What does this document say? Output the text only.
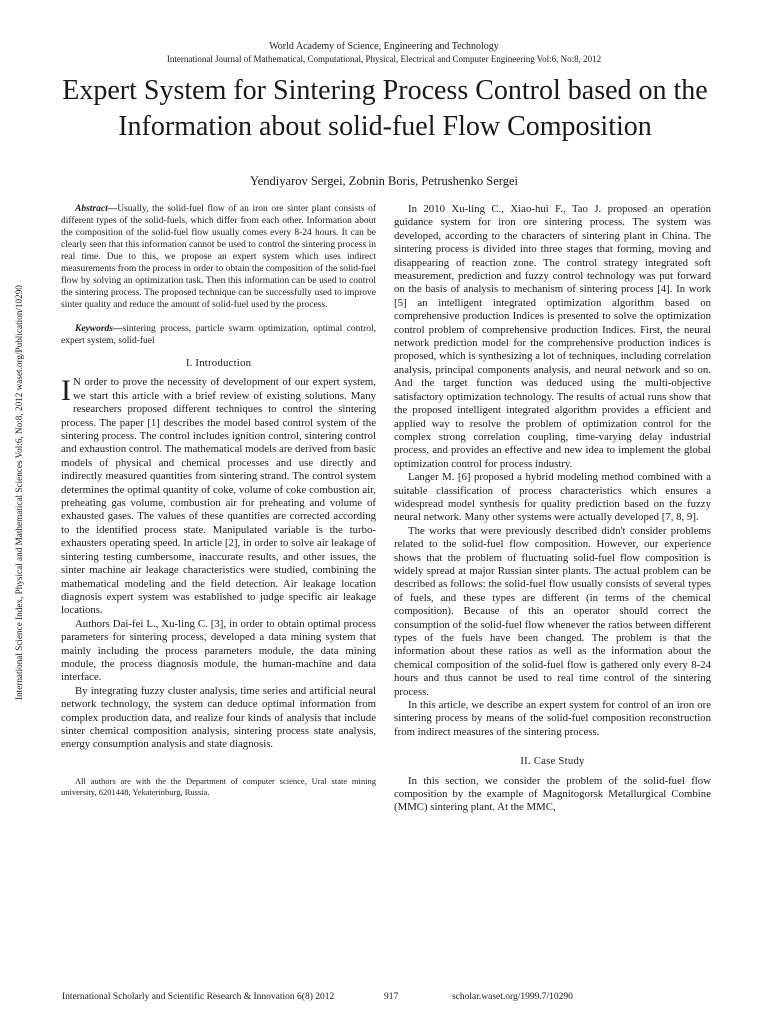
World Academy of Science, Engineering and Technology
International Journal of Mathematical, Computational, Physical, Electrical and Computer Engineering Vol:6, No:8, 2012
Expert System for Sintering Process Control based on the Information about solid-fuel Flow Composition
Yendiyarov Sergei, Zobnin Boris, Petrushenko Sergei
International Science Index, Physical and Mathematical Sciences Vol:6, No:8, 2012 waset.org/Publication/10290

Abstract—Usually, the solid-fuel flow of an iron ore sinter plant consists of different types of the solid-fuels, which differ from each other. Information about the composition of the solid-fuel flow usually comes every 8-24 hours. It can be clearly seen that this information cannot be used to control the sintering process in real time. Due to this, we propose an expert system which uses indirect measurements from the process in order to obtain the composition of the solid-fuel flow by solving an optimization task. Then this information can be used to control the sintering process. The proposed technique can be successfully used to improve sinter quality and reduce the amount of solid-fuel used by the process.

Keywords—sintering process, particle swarm optimization, optimal control, expert system, solid-fuel

I. Introduction

I N order to prove the necessity of development of our expert system, we start this article with a brief review of existing solutions. Many researchers proposed different techniques to control the sintering process. The paper [1] describes the model based control system of the sintering process. The control includes ignition control, sintering control and exhaustion control. The mathematical models are derived from basic models of physical and chemical processes and use directly and indirectly measured quantities from sintering strand. The control system determines the optimal quantity of coke, volume of coke combustion air, preheating gas volume, combustion air for preheating and volume of exhausted gases. The values of these quantities are corrected according to the identified process state. Manipulated variable is the turbo-exhausters operating speed. In article [2], in order to solve air leakage of sintering testing cumbersome, inaccurate results, and other issues, the sinter machine air leakage characteristics were studied, combining the mathematical modeling and the field detection. Air leakage location diagnosis expert system was established to judge specific air leakage locations.

Authors Dai-fei L., Xu-ling C. [3], in order to obtain optimal process parameters for sintering process, developed a data mining system that mainly including the process parameters module, the data mining module, the process diagnosis module, the human-machine and data interface.

By integrating fuzzy cluster analysis, time series and artificial neural network technology, the system can deduce optimal information from complex production data, and realize four kinds of analysis that include sinter chemical composition analysis, sintering process state analysis, energy consumption analysis and state diagnosis.

All authors are with the the Department of computer science, Ural state mining university, 6201448, Yekaterinburg, Russia.

In 2010 Xu-ling C., Xiao-hui F., Tao J. proposed an operation guidance system for iron ore sintering process. The system was developed, according to the characters of sintering plant in China. The sintering process is divided into three stages that forming, moving and disappearing of reaction zone. The control strategy integrated soft measurement, prediction and fuzzy control technology was put forward on the basis of analysis to mechanism of sintering process [4]. In work [5] an intelligent integrated optimization algorithm based on comprehensive production Indices is presented to solve the optimization control problem of comprehensive production Indices. First, the neural network prediction model for the comprehensive production indices is proposed, which is synthesizing a lot of techniques, including correlation analysis, principal components analysis, and neural network and so on. And the target function was deduced using the multi-objective satisfactory optimization technology. The results of actual runs show that the proposed intelligent integrated algorithm provides a efficient and applied way to resolve the problem of optimization control for the complex strong correlation coupling, time-varying delay industrial process, and provides an effective and new idea to implement the global optimization control for process industry.

Langer M. [6] proposed a hybrid modeling method combined with a suitable classification of process characteristics which ensures a widespread model synthesis for quality prediction based on the fuzzy neural network. Many other systems were actually developed [7, 8, 9].

The works that were previously described didn't consider problems related to the solid-fuel flow composition. However, our experience shows that the problem of fluctuating solid-fuel flow composition is widely spread at major Russian sinter plants. The actual problem can be described as follows: the solid-fuel flow usually consists of several types of fuels, and these types are different (in terms of the chemical composition). Because of this an operator should correct the consumption of the solid-fuel flow whenever the ratios between different types of the fuels have been changed. The problem is that the information about these ratios as well as the information about the chemical composition of the solid-fuel flow is gathered only every 8-24 hours and thus cannot be used to real time control of the sintering process.

In this article, we describe an expert system for control of an iron ore sintering process by means of the solid-fuel composition reconstruction from indirect measures of the sintering process.

II. Case Study

In this section, we consider the problem of the solid-fuel flow composition by the example of Magnitogorsk Metallurgical Combine (MMC) sintering plant. At the MMC,

International Scholarly and Scientific Research & Innovation 6(8) 2012	917	scholar.waset.org/1999.7/10290
